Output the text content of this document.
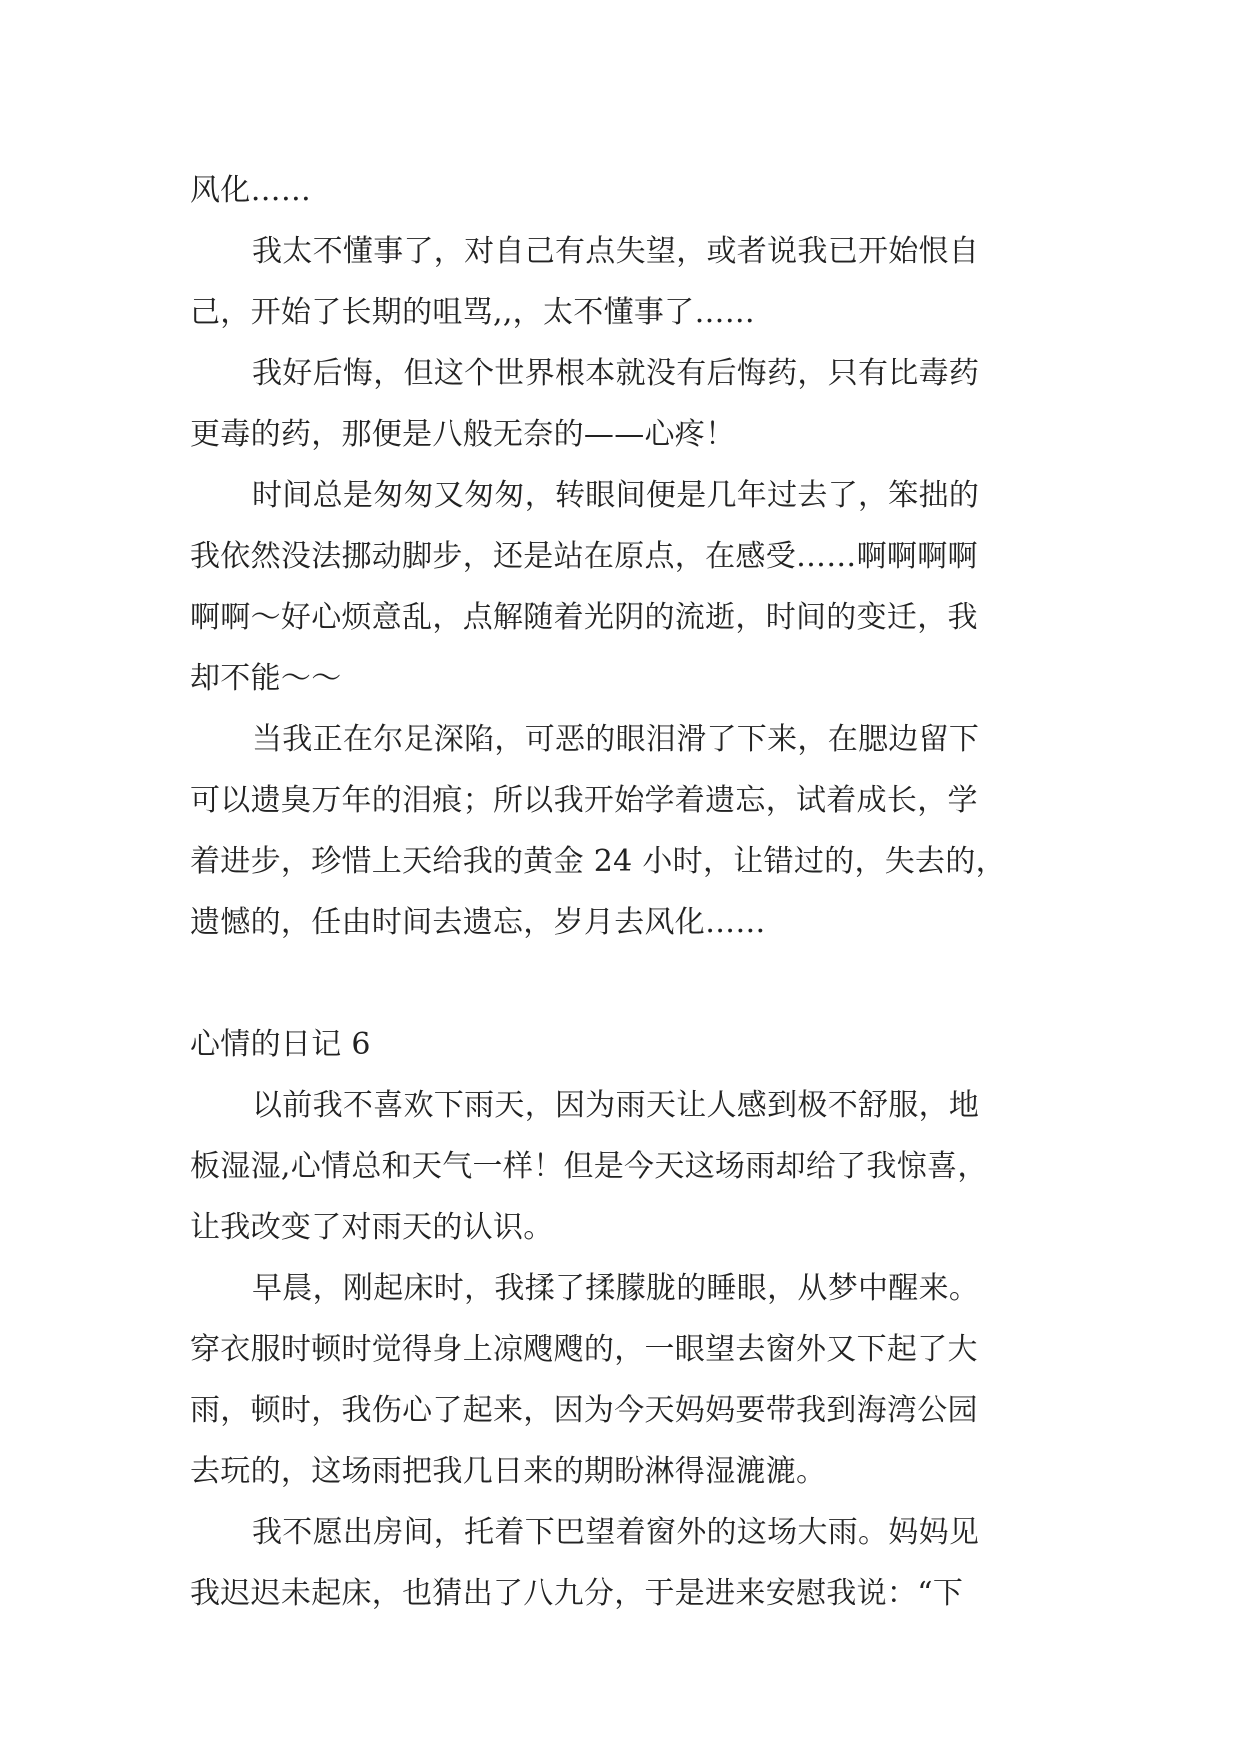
风化……
我太不懂事了，对自己有点失望，或者说我已开始恨自
己，开始了长期的咀骂,,，太不懂事了……
我好后悔，但这个世界根本就没有后悔药，只有比毒药
更毒的药，那便是八般无奈的——心疼！
时间总是匆匆又匆匆，转眼间便是几年过去了，笨拙的
我依然没法挪动脚步，还是站在原点，在感受……啊啊啊啊
啊啊～好心烦意乱，点解随着光阴的流逝，时间的变迁，我
却不能～～
当我正在尔足深陷，可恶的眼泪滑了下来，在腮边留下
可以遗臭万年的泪痕；所以我开始学着遗忘，试着成长，学
着进步，珍惜上天给我的黄金 24 小时，让错过的，失去的，
遗憾的，任由时间去遗忘，岁月去风化……
心情的日记 6
以前我不喜欢下雨天，因为雨天让人感到极不舒服，地
板湿湿,心情总和天气一样！但是今天这场雨却给了我惊喜，
让我改变了对雨天的认识。
早晨，刚起床时，我揉了揉朦胧的睡眼，从梦中醒来。
穿衣服时顿时觉得身上凉飕飕的，一眼望去窗外又下起了大
雨，顿时，我伤心了起来，因为今天妈妈要带我到海湾公园
去玩的，这场雨把我几日来的期盼淋得湿漉漉。
我不愿出房间，托着下巴望着窗外的这场大雨。妈妈见
我迟迟未起床，也猜出了八九分，于是进来安慰我说：“下
